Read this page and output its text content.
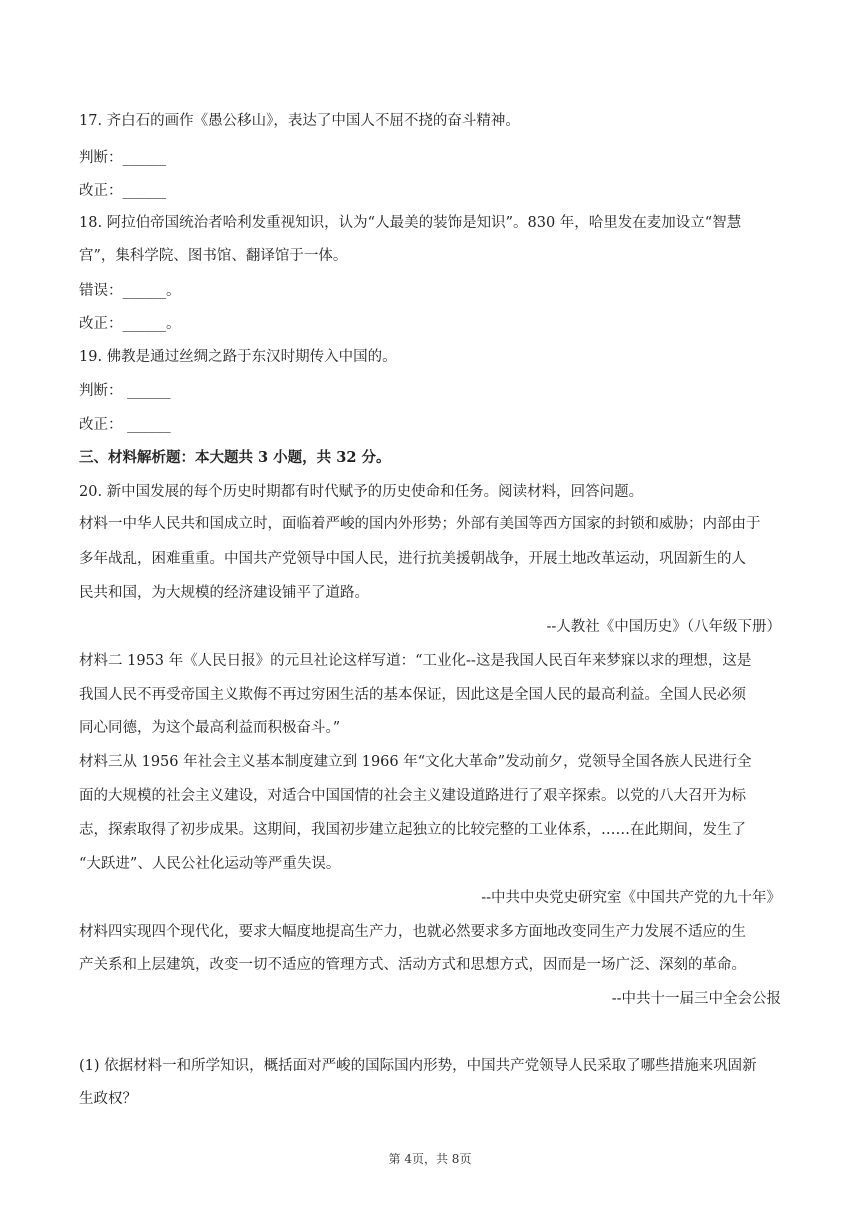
17. 齐白石的画作《愚公移山》，表达了中国人不屈不挠的奋斗精神。
判断：______
改正：______
18. 阿拉伯帝国统治者哈利发重视知识，认为“人最美的装饰是知识”。830 年，哈里发在麦加设立“智慧
宫”，集科学院、图书馆、翻译馆于一体。
错误：______。
改正：______。
19. 佛教是通过丝绸之路于东汉时期传入中国的。
判断： ______
改正： ______
三、材料解析题：本大题共 3 小题，共 32 分。
20. 新中国发展的每个历史时期都有时代赋予的历史使命和任务。阅读材料，回答问题。
材料一中华人民共和国成立时，面临着严峻的国内外形势；外部有美国等西方国家的封锁和威胁；内部由于
多年战乱，困难重重。中国共产党领导中国人民，进行抗美援朝战争，开展土地改革运动，巩固新生的人
民共和国，为大规模的经济建设铺平了道路。
--人教社《中国历史》（八年级下册）
材料二 1953 年《人民日报》的元旦社论这样写道：“工业化--这是我国人民百年来梦寐以求的理想，这是
我国人民不再受帝国主义欺侮不再过穷困生活的基本保证，因此这是全国人民的最高利益。全国人民必须
同心同德，为这个最高利益而积极奋斗。”
材料三从 1956 年社会主义基本制度建立到 1966 年“文化大革命”发动前夕，党领导全国各族人民进行全
面的大规模的社会主义建设，对适合中国国情的社会主义建设道路进行了艰辛探索。以党的八大召开为标
志，探索取得了初步成果。这期间，我国初步建立起独立的比较完整的工业体系，……在此期间，发生了
“大跃进”、人民公社化运动等严重失误。
--中共中央党史研究室《中国共产党的九十年》
材料四实现四个现代化，要求大幅度地提高生产力，也就必然要求多方面地改变同生产力发展不适应的生
产关系和上层建筑，改变一切不适应的管理方式、活动方式和思想方式，因而是一场广泛、深刻的革命。
--中共十一届三中全会公报
(1) 依据材料一和所学知识，概括面对严峻的国际国内形势，中国共产党领导人民采取了哪些措施来巩固新
生政权？
第 4页，共 8页
